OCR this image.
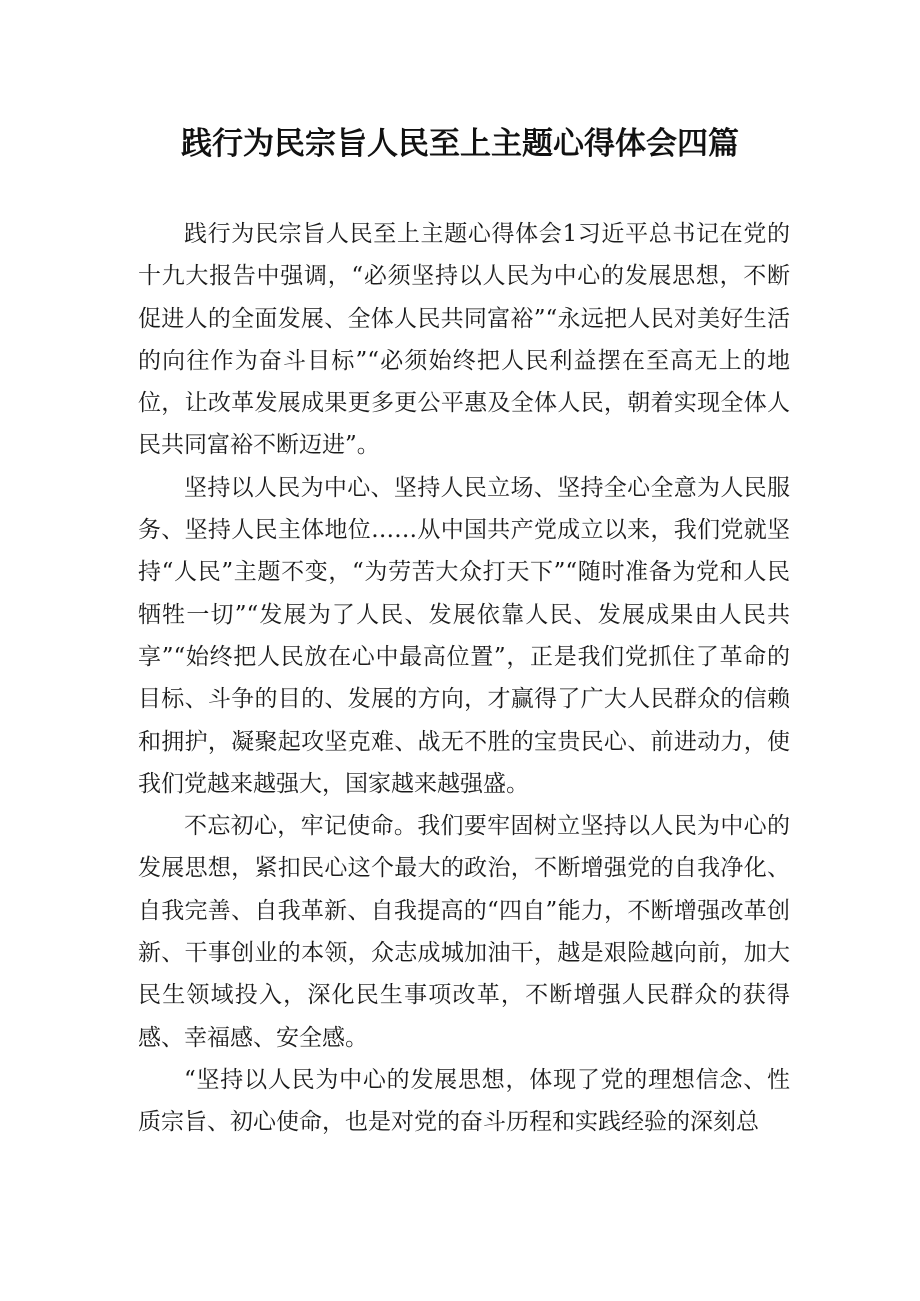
践行为民宗旨人民至上主题心得体会四篇

践行为民宗旨人民至上主题心得体会1习近平总书记在党的十九大报告中强调，“必须坚持以人民为中心的发展思想，不断促进人的全面发展、全体人民共同富裕”“永远把人民对美好生活的向往作为奋斗目标”“必须始终把人民利益摆在至高无上的地位，让改革发展成果更多更公平惠及全体人民，朝着实现全体人民共同富裕不断迈进”。

坚持以人民为中心、坚持人民立场、坚持全心全意为人民服务、坚持人民主体地位……从中国共产党成立以来，我们党就坚持“人民”主题不变，“为劳苦大众打天下”“随时准备为党和人民牺牲一切”“发展为了人民、发展依靠人民、发展成果由人民共享”“始终把人民放在心中最高位置”，正是我们党抓住了革命的目标、斗争的目的、发展的方向，才赢得了广大人民群众的信赖和拥护，凝聚起攻坚克难、战无不胜的宝贵民心、前进动力，使我们党越来越强大，国家越来越强盛。

不忘初心，牢记使命。我们要牢固树立坚持以人民为中心的发展思想，紧扣民心这个最大的政治，不断增强党的自我净化、自我完善、自我革新、自我提高的“四自”能力，不断增强改革创新、干事创业的本领，众志成城加油干，越是艰险越向前，加大民生领域投入，深化民生事项改革，不断增强人民群众的获得感、幸福感、安全感。

“坚持以人民为中心的发展思想，体现了党的理想信念、性质宗旨、初心使命，也是对党的奋斗历程和实践经验的深刻总
